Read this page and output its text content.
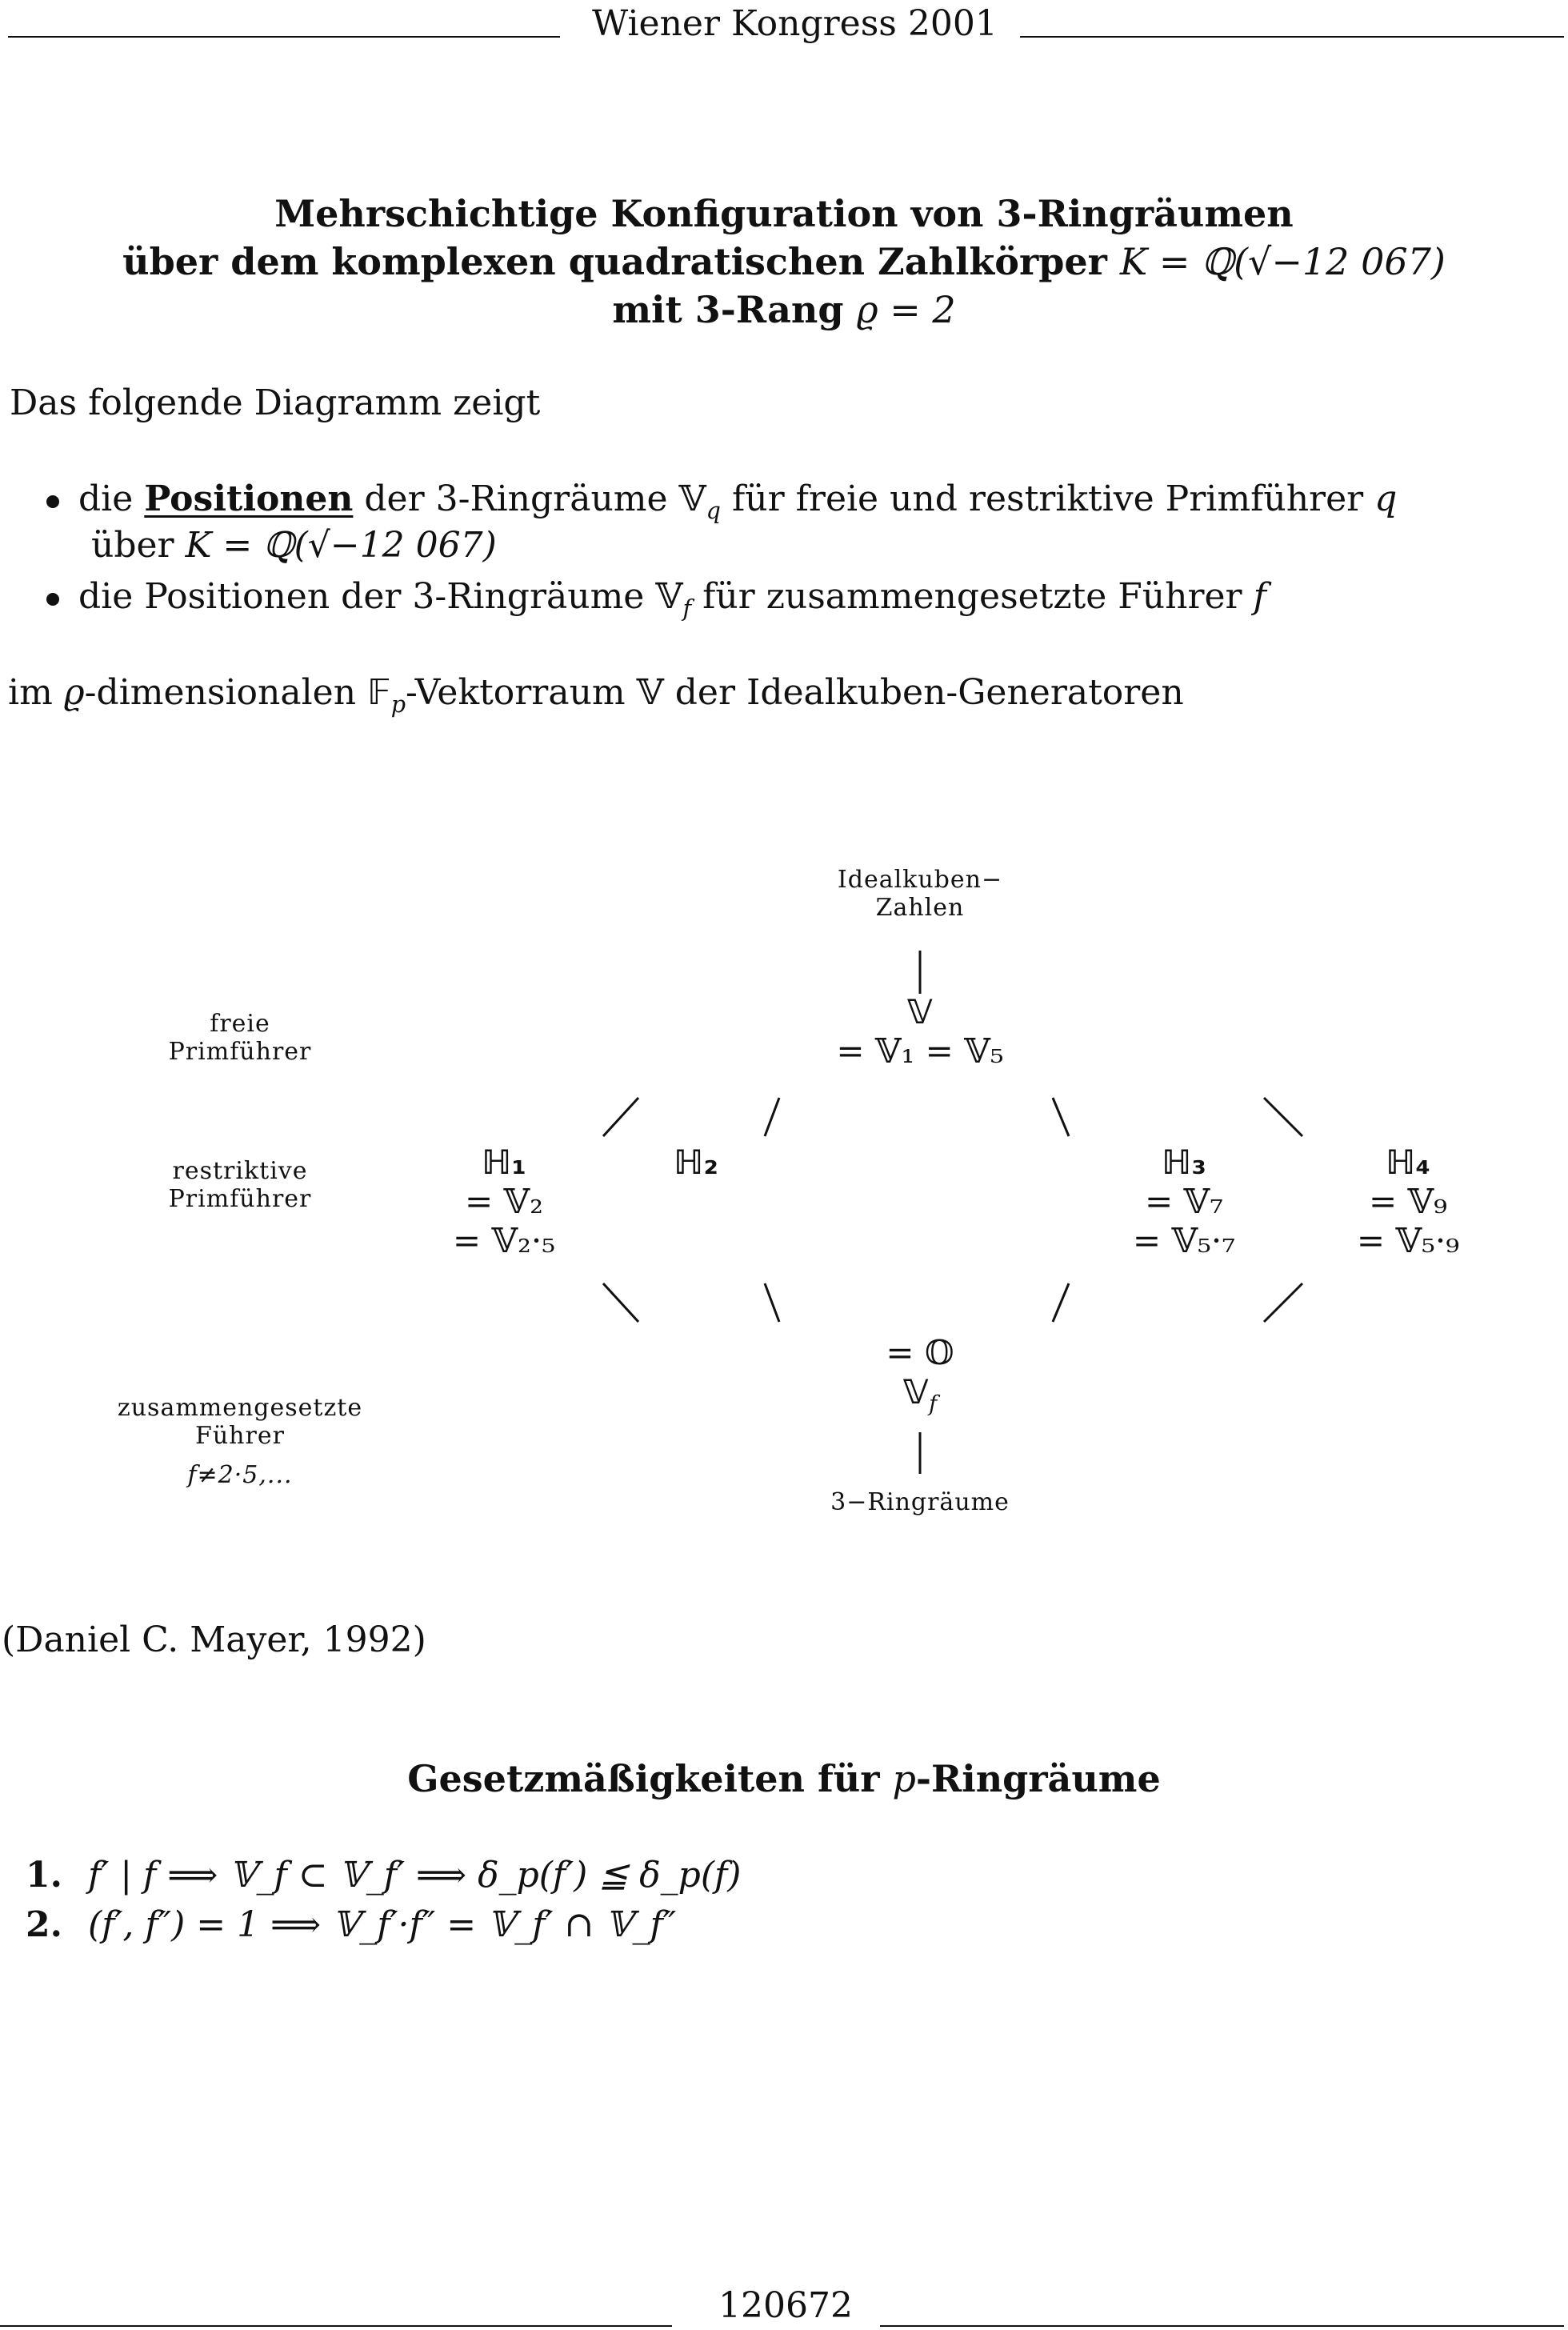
Wiener Kongress 2001
Mehrschichtige Konfiguration von 3-Ringräumen
über dem komplexen quadratischen Zahlkörper K = ℚ(√−12 067)
mit 3-Rang ϱ = 2
Das folgende Diagramm zeigt
die Positionen der 3-Ringräume 𝕍$_q$ für freie und restriktive Primführer q
über K = ℚ(√−12 067)
die Positionen der 3-Ringräume 𝕍$_f$ für zusammengesetzte Führer f
im ϱ-dimensionalen 𝔽$_p$-Vektorraum 𝕍 der Idealkuben-Generatoren
Idealkuben−
Zahlen
𝕍
= 𝕍₁ = 𝕍₅
freie
Primführer
restriktive
Primführer
zusammengesetzte
Führer
f≠2·5,...
ℍ₁
= 𝕍₂
= 𝕍₂·₅
ℍ₂	ℍ₃
= 𝕍₇
= 𝕍₅·₇
ℍ₄
= 𝕍₉
= 𝕍₅·₉
= 𝕆
𝕍$_f$
3−Ringräume
(Daniel C. Mayer, 1992)
Gesetzmäßigkeiten für p-Ringräume
1. f′ | f ⟹ 𝕍_f ⊂ 𝕍_f′ ⟹ δ_p(f′) ≦ δ_p(f)
2. (f′, f″) = 1 ⟹ 𝕍_f′·f″ = 𝕍_f′ ∩ 𝕍_f″
120672
